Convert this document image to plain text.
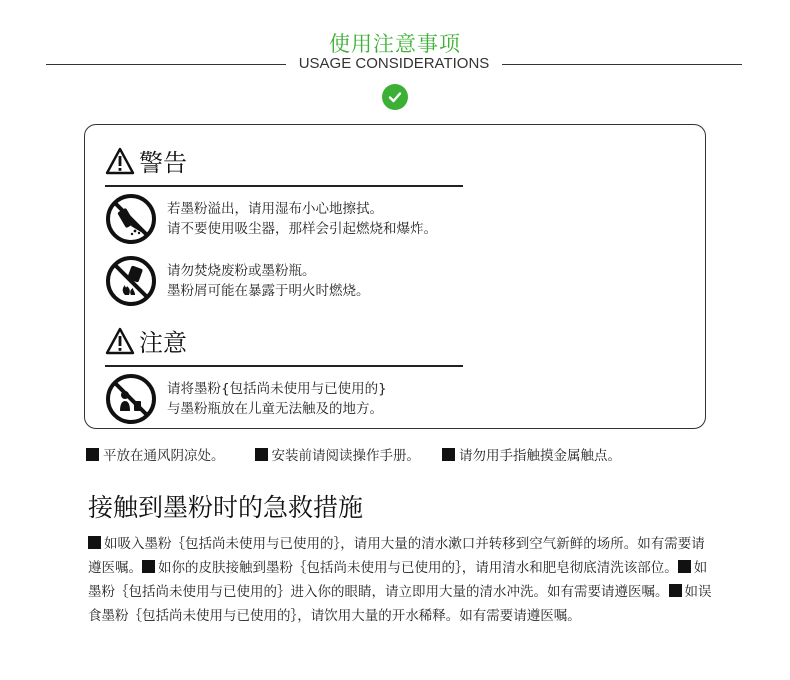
使用注意事项
USAGE CONSIDERATIONS
警告
若墨粉溢出，请用湿布小心地擦拭。
请不要使用吸尘器，那样会引起燃烧和爆炸。
请勿焚烧废粉或墨粉瓶。
墨粉屑可能在暴露于明火时燃烧。
注意
请将墨粉{包括尚未使用与已使用的}
与墨粉瓶放在儿童无法触及的地方。
平放在通风阴凉处。	安装前请阅读操作手册。	请勿用手指触摸金属触点。
接触到墨粉时的急救措施
如吸入墨粉｛包括尚未使用与已使用的｝，请用大量的清水漱口并转移到空气新鲜的场所。如有需要请遵医嘱。 如你的皮肤接触到墨粉｛包括尚未使用与已使用的｝，请用清水和肥皂彻底清洗该部位。 如墨粉｛包括尚未使用与已使用的｝进入你的眼睛，请立即用大量的清水冲洗。如有需要请遵医嘱。 如误食墨粉｛包括尚未使用与已使用的｝，请饮用大量的开水稀释。如有需要请遵医嘱。
